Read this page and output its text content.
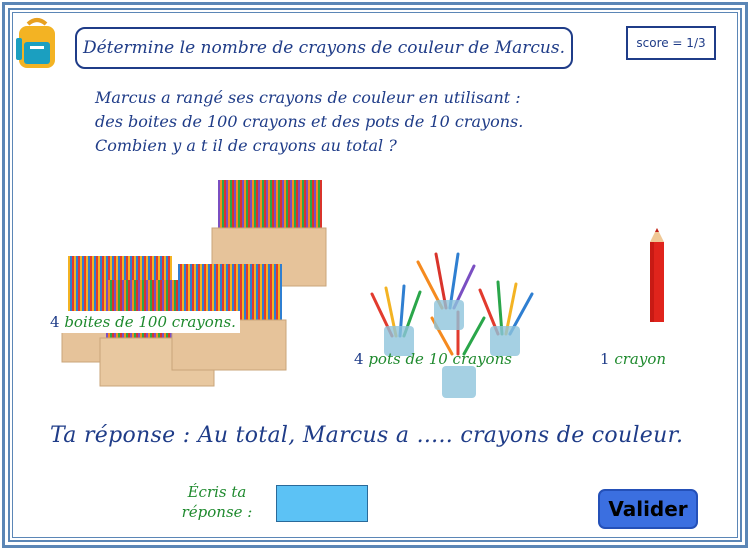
Détermine le nombre de crayons de couleur de Marcus.	score = 1/3
Marcus a rangé ses crayons de couleur en utilisant :
des boites de 100 crayons et des pots de 10 crayons.
Combien y a t il de crayons au total ?
4 boites de 100 crayons.
4 pots de 10 crayons	1 crayon
Ta réponse : Au total, Marcus a ..... crayons de couleur.
Écris ta
réponse :	Valider
